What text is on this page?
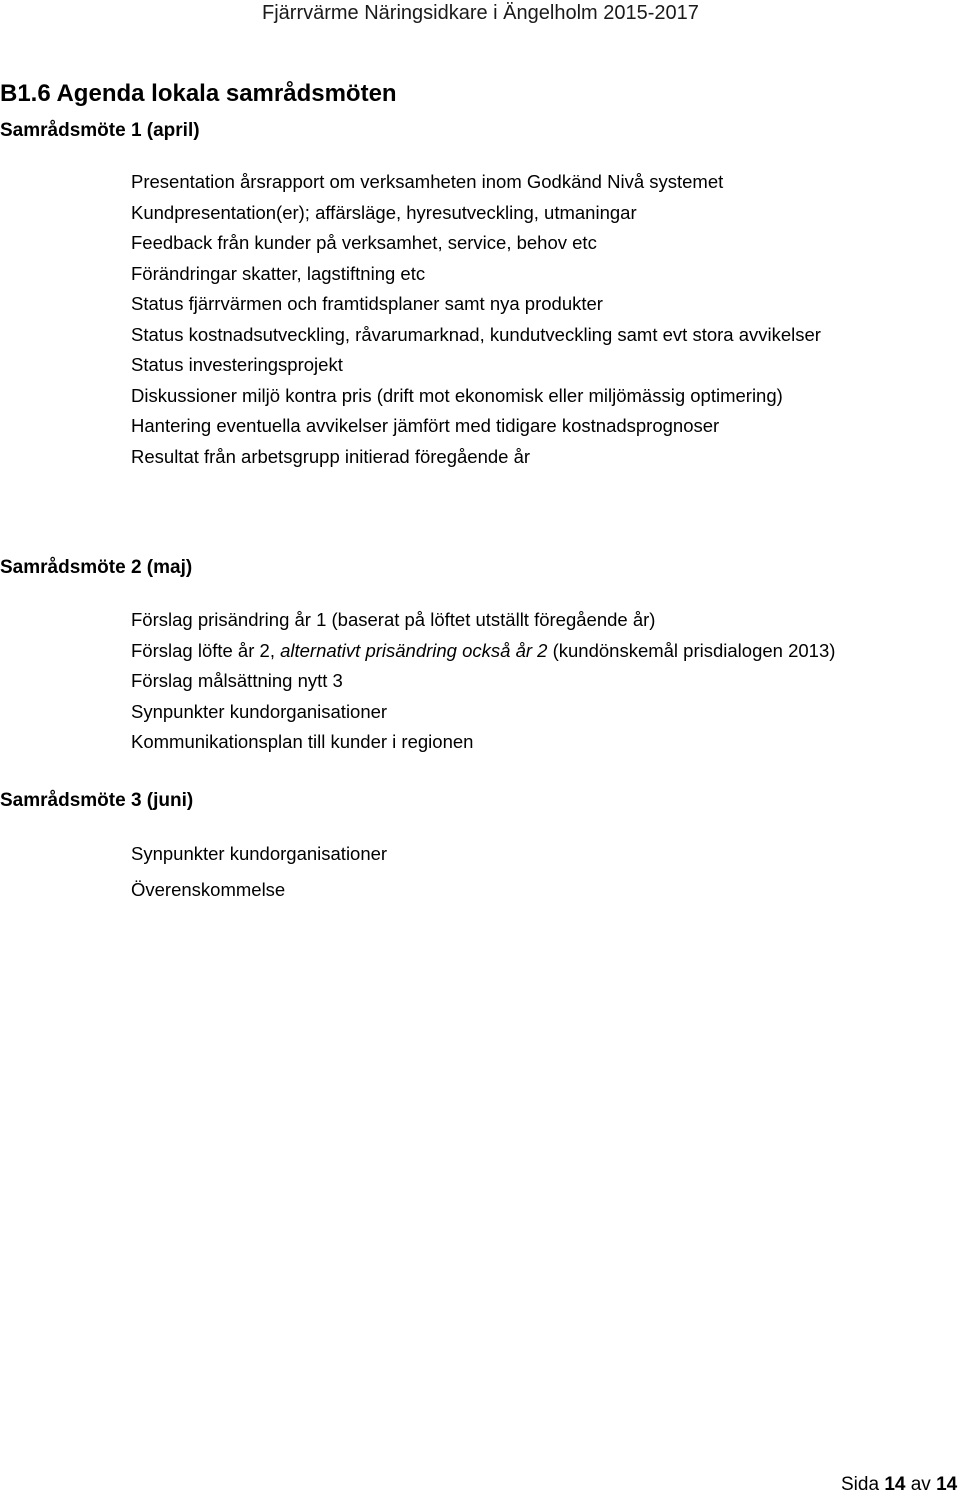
Fjärrvärme Näringsidkare i Ängelholm 2015-2017
B1.6 Agenda lokala samrådsmöten
Samrådsmöte 1 (april)
Presentation årsrapport om verksamheten inom Godkänd Nivå systemet
Kundpresentation(er); affärsläge, hyresutveckling, utmaningar
Feedback från kunder på verksamhet, service, behov etc
Förändringar skatter, lagstiftning etc
Status fjärrvärmen och framtidsplaner samt nya produkter
Status kostnadsutveckling, råvarumarknad, kundutveckling samt evt stora avvikelser
Status investeringsprojekt
Diskussioner miljö kontra pris (drift mot ekonomisk eller miljömässig optimering)
Hantering eventuella avvikelser jämfört med tidigare kostnadsprognoser
Resultat från arbetsgrupp initierad föregående år
Samrådsmöte 2 (maj)
Förslag prisändring år 1 (baserat på löftet utställt föregående år)
Förslag löfte år 2, alternativt prisändring också år 2 (kundönskemål prisdialogen 2013)
Förslag målsättning nytt 3
Synpunkter kundorganisationer
Kommunikationsplan till kunder i regionen
Samrådsmöte 3 (juni)
Synpunkter kundorganisationer
Överenskommelse
Sida 14 av 14
